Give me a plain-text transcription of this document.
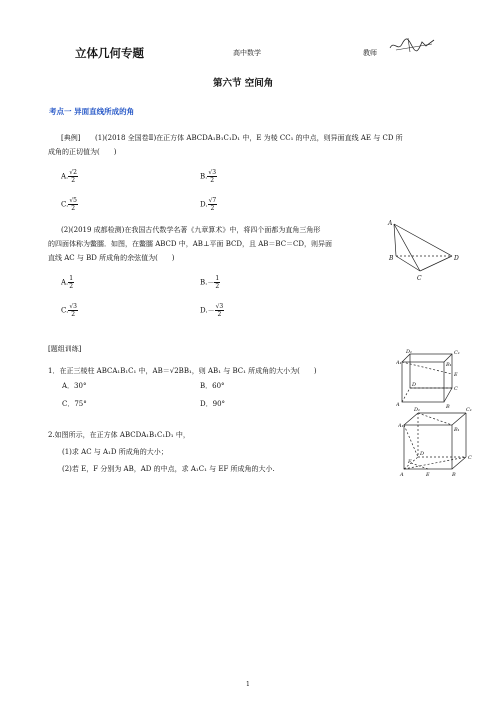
立体几何专题	高中数学	教师
第六节 空间角
考点一 异面直线所成的角
[典例] (1)(2018 全国卷Ⅱ)在正方体 ABCDA₁B₁C₁D₁ 中，E 为棱 CC₁ 的中点，则异面直线 AE 与 CD 所
成角的正切值为(　　)
A. $\frac{√2}{2}$	B. $\frac{√3}{2}$
C. $\frac{√5}{2}$	D. $\frac{√7}{2}$
(2)(2019 成都检测)在我国古代数学名著《九章算术》中，将四个面都为直角三角形
的四面体称为鳖臑．如图，在鳖臑 ABCD 中，AB⊥平面 BCD，且 AB＝BC＝CD，则异面
直线 AC 与 BD 所成角的余弦值为(　　)
A. $\frac{1}{2}$	$B.- \frac{1}{2}$
C. $\frac{√3}{2}$	$D.- \frac{√3}{2}$
A
B
C
D
[题组训练]
1．在正三棱柱 ABCA₁B₁C₁ 中，AB＝√2BB₁，则 AB₁ 与 BC₁ 所成角的大小为(　　)
A．30°	B．60°
C．75°	D．90°
D₁	C₁
A₁	B₁
E
D
C
A	B
2.如图所示，在正方体 ABCDA₁B₁C₁D₁ 中，
(1)求 AC 与 A₁D 所成角的大小；
(2)若 E，F 分别为 AB，AD 的中点，求 A₁C₁ 与 EF 所成角的大小.
D₁	C₁
A₁
B₁
D
F
C
A	E	B
1
